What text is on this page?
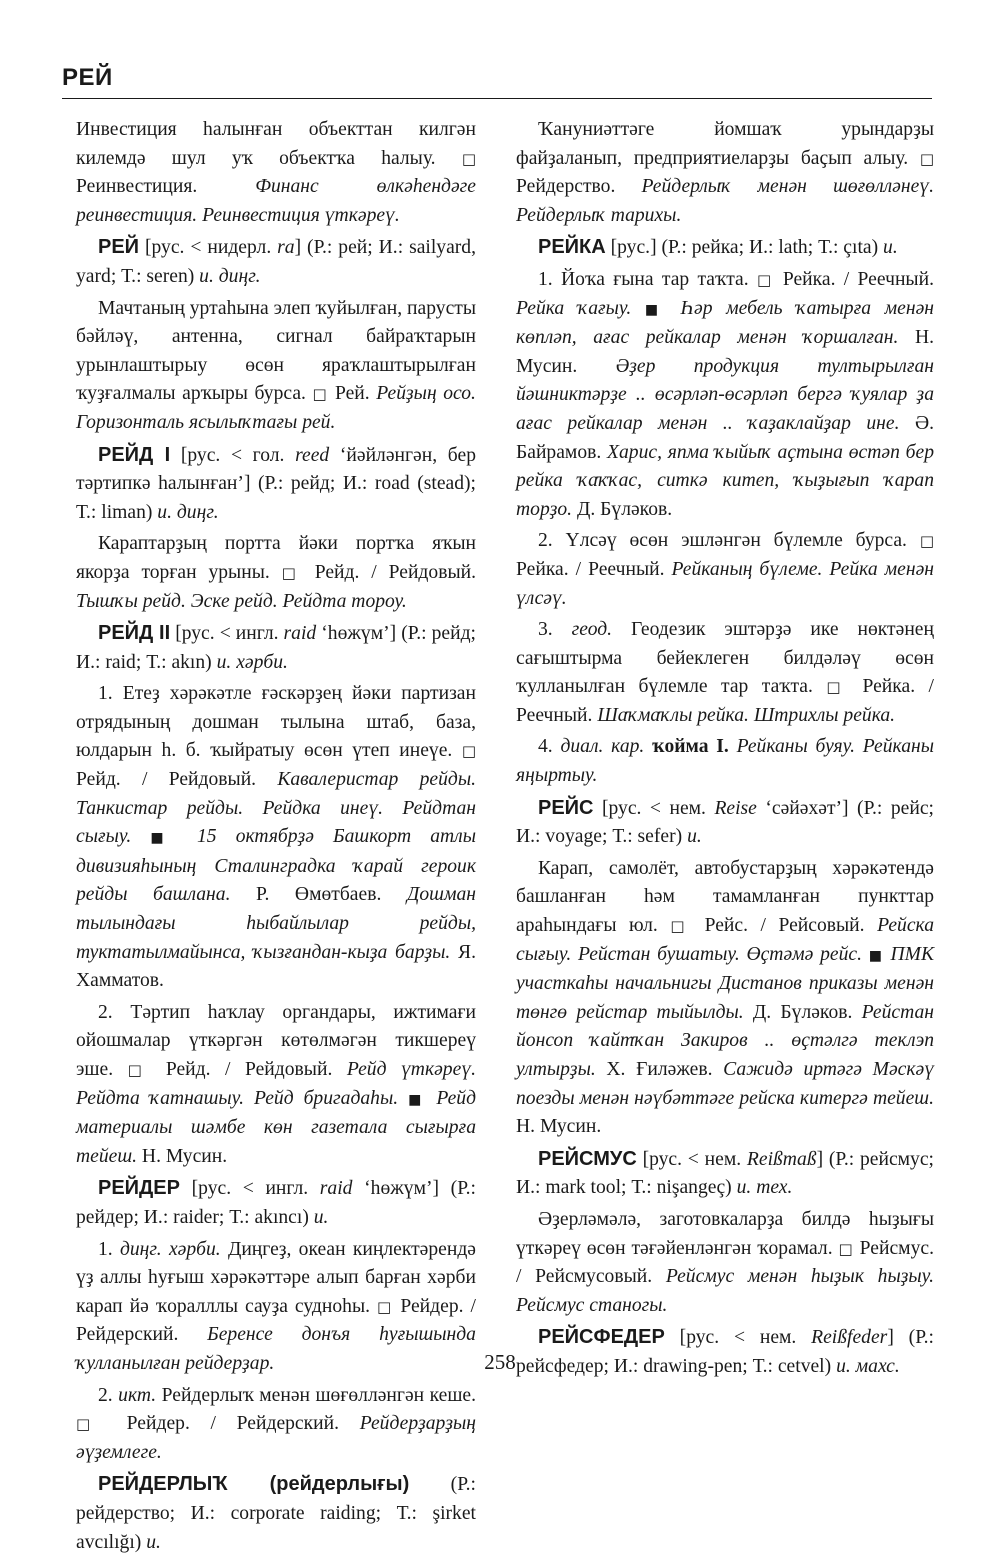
РЕЙ

Инвестиция һалынған объекттан килгән килемдә шул уҡ объектҡа һалыу. □ Реинвестиция. Финанс өлкәһендәге реинвестиция. Реинвестиция үткәреү.

РЕЙ [рус. < нидерл. ra] (Р.: рей; И.: sailyard, yard; Т.: seren) и. диңг.

Мачтаның уртаһына элеп ҡуйылған, парусты бәйләү, антенна, сигнал байраҡтарын урынлаштырыу өсөн яраҡлаштырылған ҡуҙғалмалы арҡыры бурса. □ Рей. Рейҙың осо. Горизонталь ясылыҡтағы рей.

РЕЙД I [рус. < гол. reed ‘йәйләнгән, бер тәртипкә һалынған’] (Р.: рейд; И.: road (stead); Т.: liman) и. диңг.

Караптарҙың портта йәки портҡа яҡын якорҙа торған урыны. □ Рейд. / Рейдовый. Тышҡы рейд. Эске рейд. Рейдта тороу.

РЕЙД II [рус. < ингл. raid ‘һөжүм’] (Р.: рейд; И.: raid; Т.: akın) и. хәрби.

1. Етеҙ хәрәкәтле ғәскәрҙең йәки партизан отрядының дошман тылына штаб, база, юлдарын һ. б. ҡыйратыу өсөн үтеп инеүе. □ Рейд. / Рейдовый. Кавалеристар рейды. Танкистар рейды. Рейдка инеү. Рейдтан сығыу. ■ 15 октябрҙә Башкорт атлы дивизияһының Сталинградка ҡарай героик рейды башлана. Р. Өмөтбаев. Дошман тылындағы һыбайлылар рейды, туктатылмайынса, ҡызғандан-кыҙа барҙы. Я. Хамматов.

2. Тәртип һаҡлау органдары, ижтимағи ойошмалар үткәргән көтөлмәгән тикшереү эше. □ Рейд. / Рейдовый. Рейд үткәреү. Рейдта ҡатнашыу. Рейд бригадаһы. ■ Рейд материалы шәмбе көн газетала сығырға тейеш. Н. Мусин.

РЕЙДЕР [рус. < ингл. raid ‘һөжүм’] (Р.: рейдер; И.: raider; Т.: akıncı) и.

1. диңг. хәрби. Диңгеҙ, океан киңлектәрендә үҙ аллы һуғыш хәрәкәттәре алып барған хәрби карап йә ҡоралллы сауҙа судноһы. □ Рейдер. / Рейдерский. Беренсе донъя һуғышында ҡулланылған рейдерҙар.

2. икт. Рейдерлыҡ менән шөғөлләнгән кеше. □ Рейдер. / Рейдерский. Рейдерҙарҙың әүҙемлеге.

РЕЙДЕРЛЫҠ (рейдерлығы) (Р.: рейдерство; И.: corporate raiding; Т.: şirket avcılığı) и.

Ҡануниәттәге йомшаҡ урындарҙы файҙаланып, предприятиеларҙы баҫып алыу. □ Рейдерство. Рейдерлыҡ менән шөғөлләнеү. Рейдерлыҡ тарихы.

РЕЙКА [рус.] (Р.: рейка; И.: lath; Т.: çıta) и.

1. Йоҡа ғына тар таҡта. □ Рейка. / Реечный. Рейка ҡағыу. ■ Һәр мебель ҡатырға менән көпләп, ағас рейкалар менән ҡоршалған. Н. Мусин. Әҙер продукция тултырылған йәшниктәрҙе .. өсәрләп-өсәрләп бергә ҡуялар ҙа ағас рейкалар менән .. ҡаҙаклайҙар ине. Ә. Байрамов. Харис, япма ҡыйыҡ аҫтына өстәп бер рейка ҡаҡҡас, ситкә китеп, ҡыҙығып ҡарап торҙо. Д. Бүләков.

2. Үлсәү өсөн эшләнгән бүлемле бурса. □ Рейка. / Реечный. Рейканың бүлеме. Рейка менән үлсәү.

3. геод. Геодезик эштәрҙә ике нөктәнең сағыштырма бейеклеген билдәләү өсөн ҡулланылған бүлемле тар таҡта. □ Рейка. / Реечный. Шаҡмаҡлы рейка. Штрихлы рейка.

4. диал. кар. ҡойма I. Рейканы буяу. Рейканы яңыртыу.

РЕЙС [рус. < нем. Reise ‘сәйәхәт’] (Р.: рейс; И.: voyage; Т.: sefer) и.

Карап, самолёт, автобустарҙың хәрәкәтендә башланған һәм тамамланған пункттар араһындағы юл. □ Рейс. / Рейсовый. Рейска сығыу. Рейстан бушатыу. Өҫтәмә рейс. ■ ПМК участкаһы начальнигы Дистанов приказы менән төнгө рейстар тыйылды. Д. Бүләков. Рейстан йонсоп ҡайтҡан Закиров .. өҫтәлгә теклэп ултырҙы. Х. Ғиләжев. Сажидә иртәгә Мәскәү поезды менән нәүбәттәге рейска китергә тейеш. Н. Мусин.

РЕЙСМУС [рус. < нем. Reißmaß] (Р.: рейсмус; И.: mark tool; Т.: nişangeç) и. тех.

Әҙерләмәлә, заготовкаларҙа билдә һыҙығы үткәреү өсөн тәғәйенләнгән ҡорамал. □ Рейсмус. / Рейсмусовый. Рейсмус менән һыҙык һыҙыу. Рейсмус станогы.

РЕЙСФЕДЕР [рус. < нем. Reißfeder] (Р.: рейсфедер; И.: drawing-pen; Т.: cetvel) и. махс.

258
